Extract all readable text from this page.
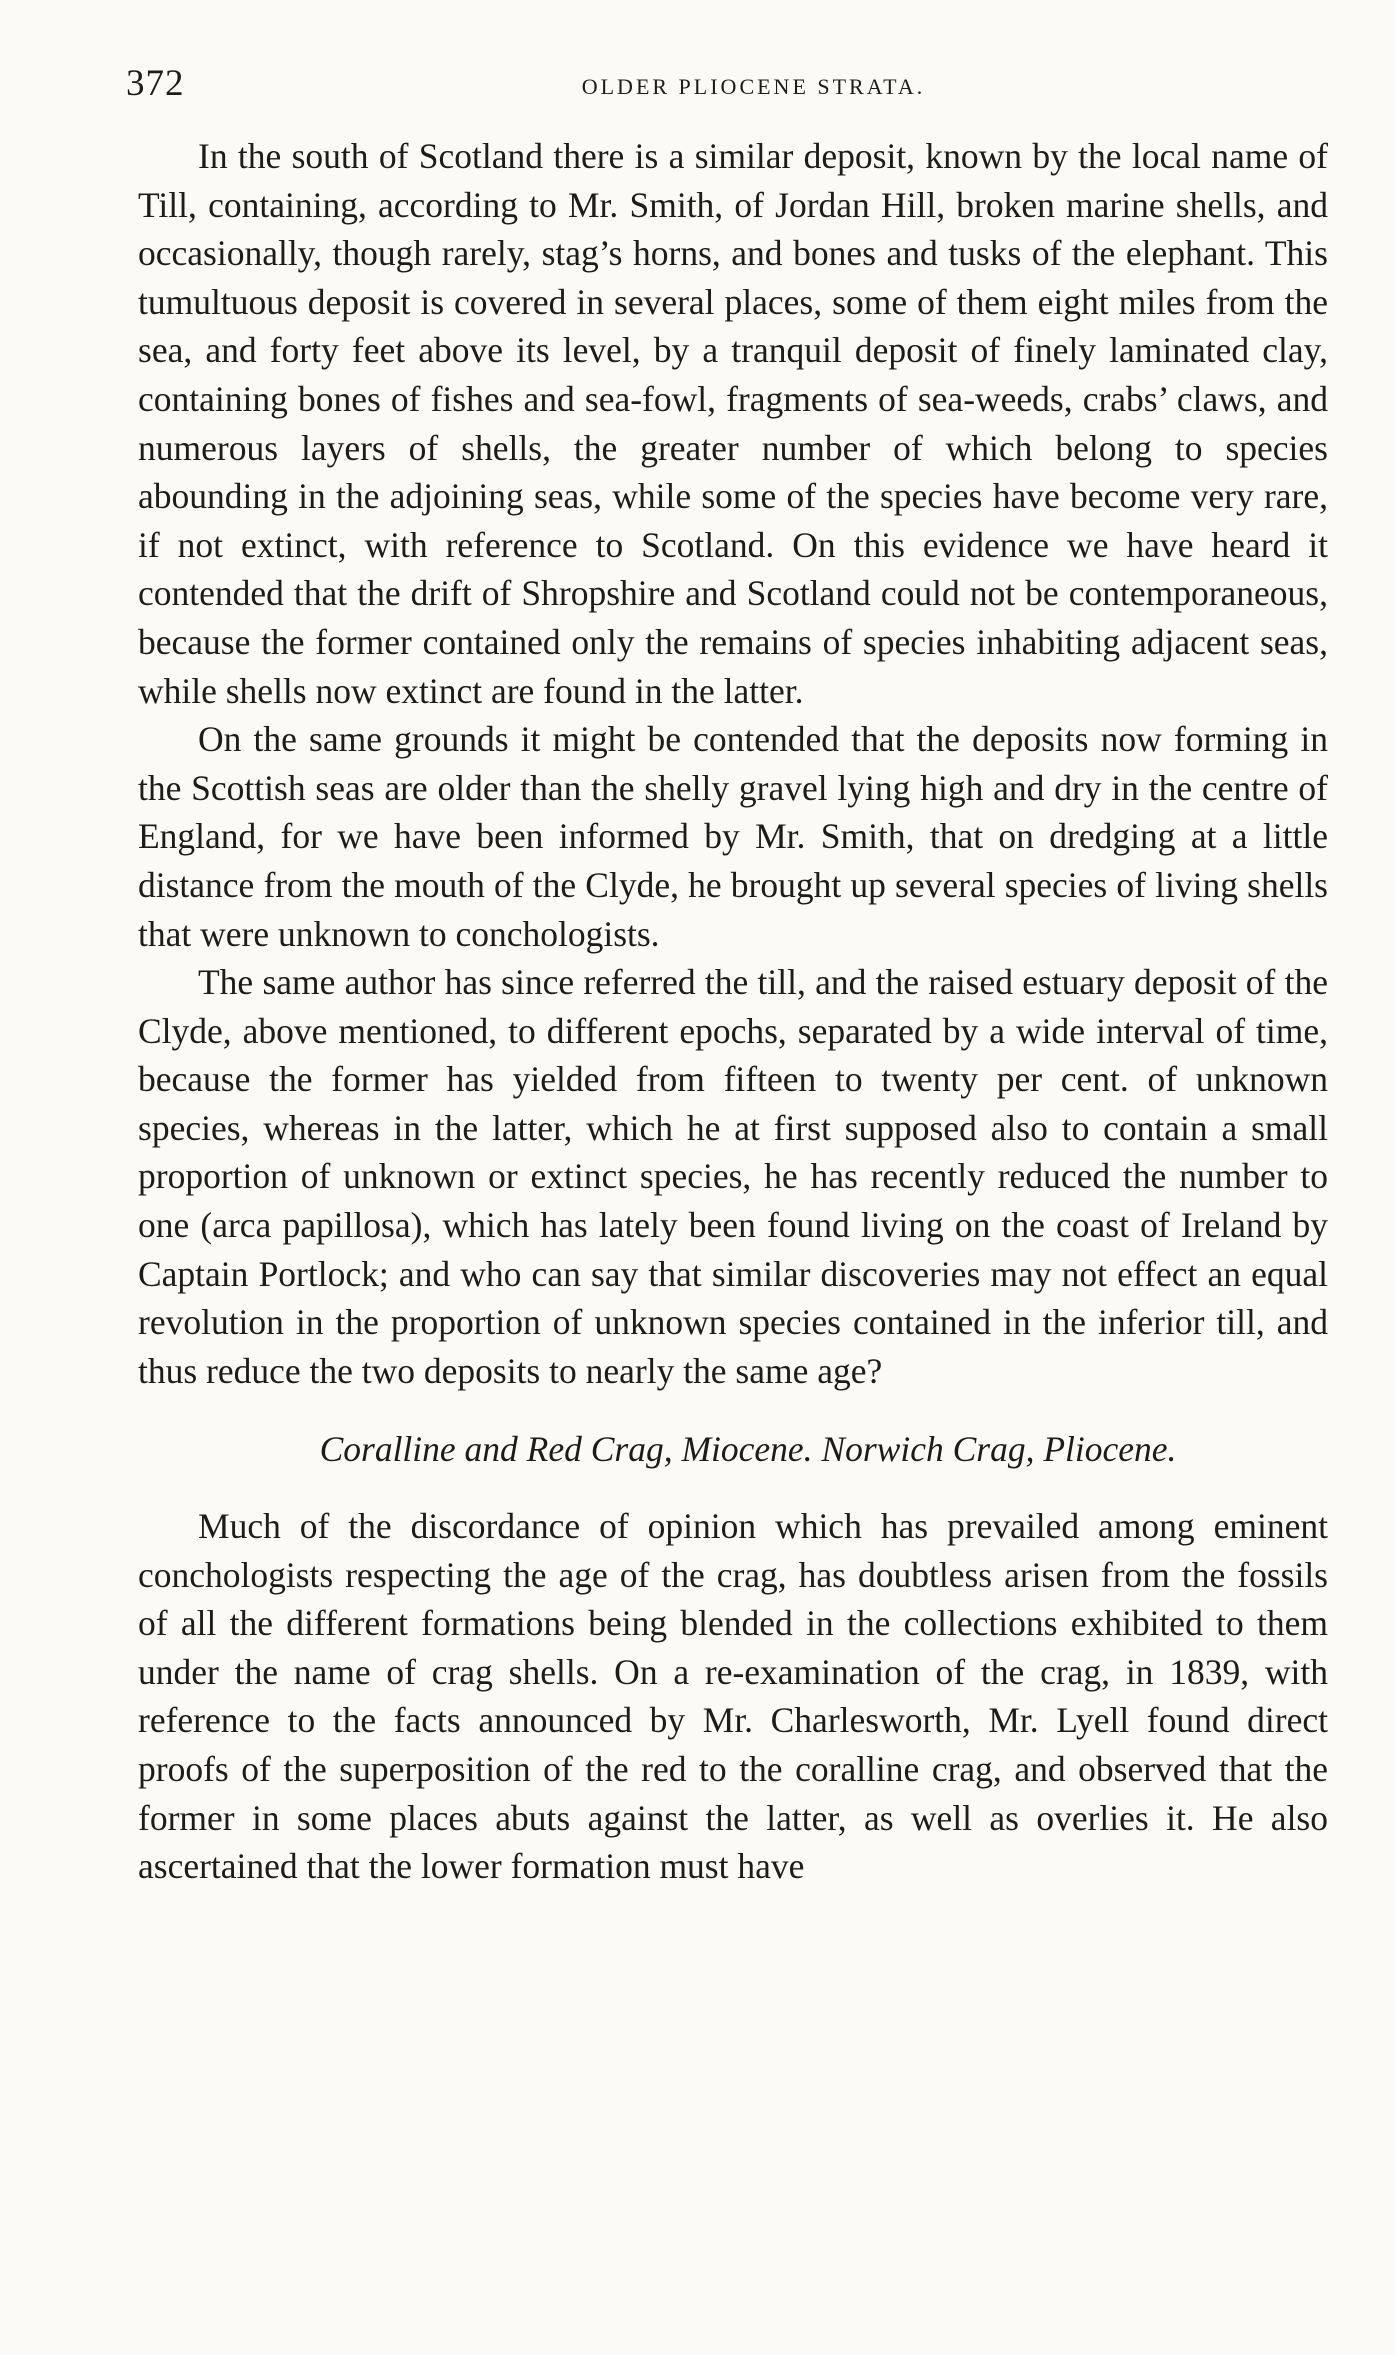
372	OLDER PLIOCENE STRATA.

In the south of Scotland there is a similar deposit, known by the local name of Till, containing, according to Mr. Smith, of Jordan Hill, broken marine shells, and occasionally, though rarely, stag’s horns, and bones and tusks of the elephant. This tumultuous deposit is covered in several places, some of them eight miles from the sea, and forty feet above its level, by a tranquil deposit of finely laminated clay, containing bones of fishes and sea-fowl, fragments of sea-weeds, crabs’ claws, and numerous layers of shells, the greater number of which belong to species abounding in the adjoining seas, while some of the species have become very rare, if not extinct, with reference to Scotland. On this evidence we have heard it contended that the drift of Shropshire and Scotland could not be contemporaneous, because the former contained only the remains of species inhabiting adjacent seas, while shells now extinct are found in the latter.

On the same grounds it might be contended that the deposits now forming in the Scottish seas are older than the shelly gravel lying high and dry in the centre of England, for we have been informed by Mr. Smith, that on dredging at a little distance from the mouth of the Clyde, he brought up several species of living shells that were unknown to conchologists.

The same author has since referred the till, and the raised estuary deposit of the Clyde, above mentioned, to different epochs, separated by a wide interval of time, because the former has yielded from fifteen to twenty per cent. of unknown species, whereas in the latter, which he at first supposed also to contain a small proportion of unknown or extinct species, he has recently reduced the number to one (arca papillosa), which has lately been found living on the coast of Ireland by Captain Portlock; and who can say that similar discoveries may not effect an equal revolution in the proportion of unknown species contained in the inferior till, and thus reduce the two deposits to nearly the same age?

Coralline and Red Crag, Miocene. Norwich Crag, Pliocene.

Much of the discordance of opinion which has prevailed among eminent conchologists respecting the age of the crag, has doubtless arisen from the fossils of all the different formations being blended in the collections exhibited to them under the name of crag shells. On a re-examination of the crag, in 1839, with reference to the facts announced by Mr. Charlesworth, Mr. Lyell found direct proofs of the superposition of the red to the coralline crag, and observed that the former in some places abuts against the latter, as well as overlies it. He also ascertained that the lower formation must have
